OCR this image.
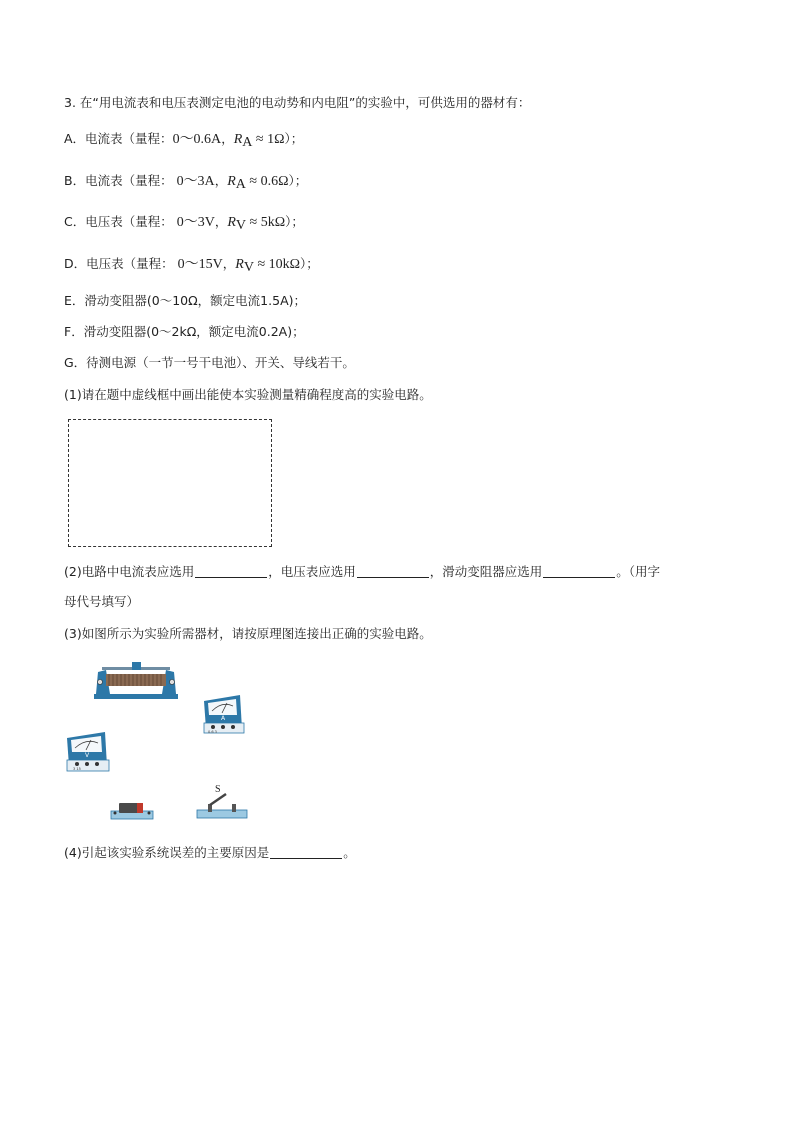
3. 在“用电流表和电压表测定电池的电动势和内电阻”的实验中，可供选用的器材有：
A．电流表（量程：0～0.6A，$R_A \approx 1\Omega$）；
B．电流表（量程： 0～3A，$R_A \approx 0.6\Omega$）；
C．电压表（量程： 0～3V，$R_V \approx 5k\Omega$）；
D．电压表（量程： 0～15V，$R_V \approx 10k\Omega$）；
E．滑动变阻器(0～10Ω，额定电流1.5A)；
F．滑动变阻器(0～2kΩ，额定电流0.2A)；
G．待测电源（一节一号干电池）、开关、导线若干。
(1)请在题中虚线框中画出能使本实验测量精确程度高的实验电路。
(2)电路中电流表应选用	，电压表应选用	，滑动变阻器应选用	。（用字
母代号填写）
(3)如图所示为实验所需器材，请按原理图连接出正确的实验电路。
A
0.6 3
V
3 15
S
(4)引起该实验系统误差的主要原因是	。
